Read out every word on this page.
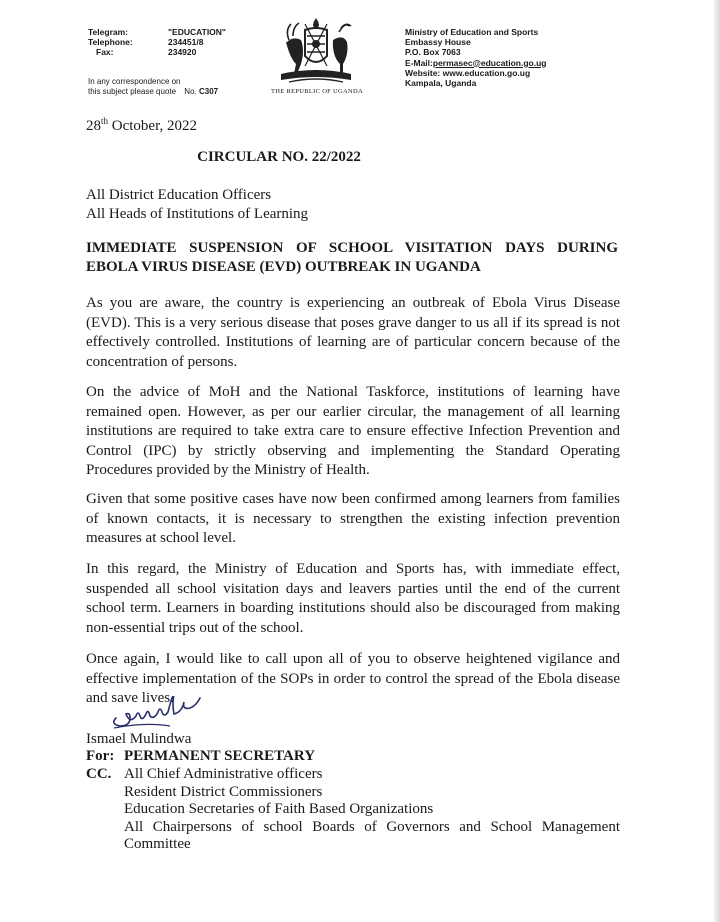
Telegram:	"EDUCATION"
Telephone:	234451/8
Fax:	234920
In any correspondence on
this subject please quote No. C307	THE REPUBLIC OF UGANDA
Ministry of Education and Sports
Embassy House
P.O. Box 7063
E-Mail:permasec@education.go.ug
Website: www.education.go.ug
Kampala, Uganda
28th October, 2022
CIRCULAR NO. 22/2022
All District Education Officers
All Heads of Institutions of Learning
IMMEDIATE SUSPENSION OF SCHOOL VISITATION DAYS DURING EBOLA VIRUS DISEASE (EVD) OUTBREAK IN UGANDA
As you are aware, the country is experiencing an outbreak of Ebola Virus Disease (EVD). This is a very serious disease that poses grave danger to us all if its spread is not effectively controlled. Institutions of learning are of particular concern because of the concentration of persons.
On the advice of MoH and the National Taskforce, institutions of learning have remained open. However, as per our earlier circular, the management of all learning institutions are required to take extra care to ensure effective Infection Prevention and Control (IPC) by strictly observing and implementing the Standard Operating Procedures provided by the Ministry of Health.
Given that some positive cases have now been confirmed among learners from families of known contacts, it is necessary to strengthen the existing infection prevention measures at school level.
In this regard, the Ministry of Education and Sports has, with immediate effect, suspended all school visitation days and leavers parties until the end of the current school term. Learners in boarding institutions should also be discouraged from making non-essential trips out of the school.
Once again, I would like to call upon all of you to observe heightened vigilance and effective implementation of the SOPs in order to control the spread of the Ebola disease and save lives.
Ismael Mulindwa
For: PERMANENT SECRETARY
CC. All Chief Administrative officers
Resident District Commissioners
Education Secretaries of Faith Based Organizations
All Chairpersons of school Boards of Governors and School Management Committee
